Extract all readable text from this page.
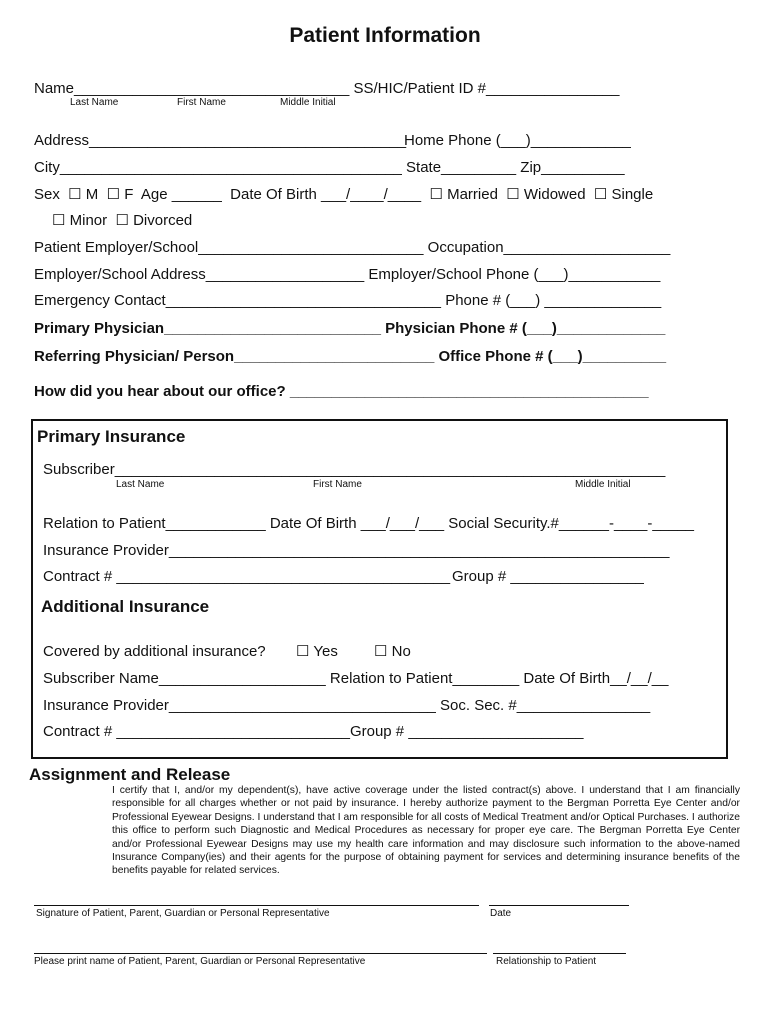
Patient Information
Name_________________________________ SS/HIC/Patient ID #________________
Last Name	First Name	Middle Initial
Address______________________________________
Home Phone (___)____________
City_________________________________________ State_________ Zip__________
Sex  ☐ M  ☐ F  Age ______  Date Of Birth ___/____/____  ☐ Married  ☐ Widowed  ☐ Single
☐ Minor  ☐ Divorced
Patient Employer/School___________________________ Occupation____________________
Employer/School Address___________________ Employer/School Phone (___)___________
Emergency Contact_________________________________ Phone # (___) ______________
Primary Physician__________________________ Physician Phone # (___)_____________
Referring Physician/ Person________________________ Office Phone # (___)__________
How did you hear about our office? ___________________________________________
Primary Insurance
Subscriber__________________________________________________________________
Last Name	First Name	Middle Initial
Relation to Patient____________ Date Of Birth ___/___/___ Social Security.#______-____-_____
Insurance Provider____________________________________________________________
Contract # ________________________________________ Group # ________________
Additional Insurance
Covered by additional insurance? ☐ Yes ☐ No
Subscriber Name____________________ Relation to Patient________ Date Of Birth__/__/__
Insurance Provider________________________________ Soc. Sec. #________________
Contract # ____________________________Group # _____________________
Assignment and Release
I certify that I, and/or my dependent(s), have active coverage under the listed contract(s) above. I understand that I am financially responsible for all charges whether or not paid by insurance. I hereby authorize payment to the Bergman Porretta Eye Center and/or Professional Eyewear Designs. I understand that I am responsible for all costs of Medical Treatment and/or Optical Purchases. I authorize this office to perform such Diagnostic and Medical Procedures as necessary for proper eye care. The Bergman Porretta Eye Center and/or Professional Eyewear Designs may use my health care information and may disclosure such information to the above-named Insurance Company(ies) and their agents for the purpose of obtaining payment for services and determining insurance benefits of the benefits payable for related services.
Signature of Patient, Parent, Guardian or Personal Representative	Date
Please print name of Patient, Parent, Guardian or Personal Representative	Relationship to Patient
